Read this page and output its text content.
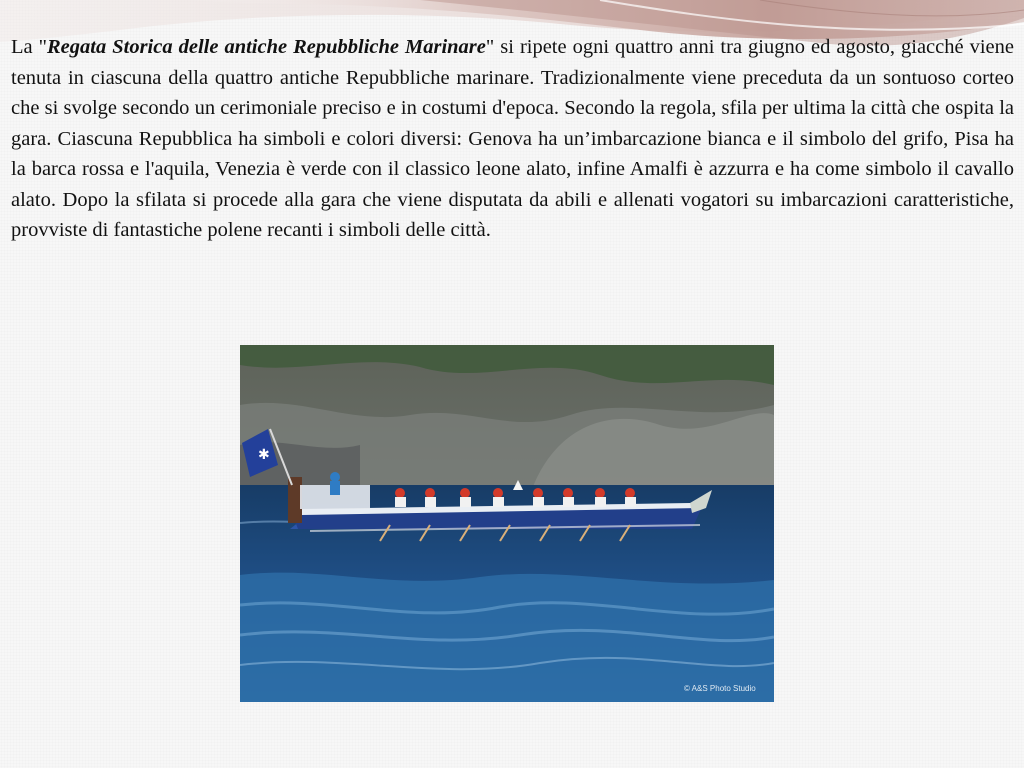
La "Regata Storica delle antiche Repubbliche Marinare" si ripete ogni quattro anni tra giugno ed agosto, giacché viene tenuta in ciascuna della quattro antiche Repubbliche marinare. Tradizionalmente viene preceduta da un sontuoso corteo che si svolge secondo un cerimoniale preciso e in costumi d'epoca. Secondo la regola, sfila per ultima la città che ospita la gara. Ciascuna Repubblica ha simboli e colori diversi: Genova ha un’imbarcazione bianca e il simbolo del grifo, Pisa ha la barca rossa e l'aquila, Venezia è verde con il classico leone alato, infine Amalfi è azzurra e ha come simbolo il cavallo alato. Dopo la sfilata si procede alla gara che viene disputata da abili e allenati vogatori su imbarcazioni caratteristiche, provviste di fantastiche polene recanti i simboli delle città.

✱
© A&S Photo Studio
